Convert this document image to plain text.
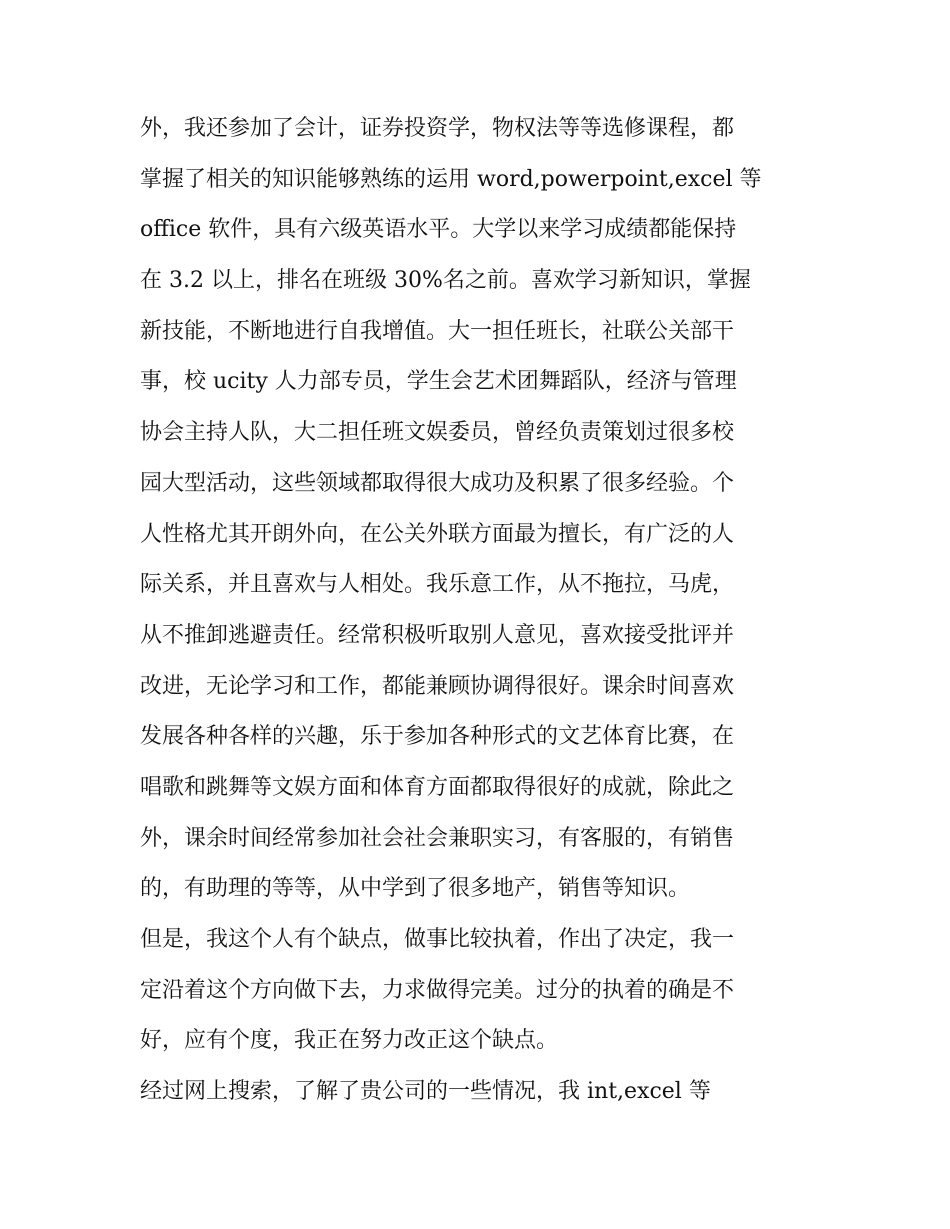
外，我还参加了会计，证券投资学，物权法等等选修课程，都
掌握了相关的知识能够熟练的运用 word,powerpoint,excel 等
office 软件，具有六级英语水平。大学以来学习成绩都能保持
在 3.2 以上，排名在班级 30%名之前。喜欢学习新知识，掌握
新技能，不断地进行自我增值。大一担任班长，社联公关部干
事，校 ucity 人力部专员，学生会艺术团舞蹈队，经济与管理
协会主持人队，大二担任班文娱委员，曾经负责策划过很多校
园大型活动，这些领域都取得很大成功及积累了很多经验。个
人性格尤其开朗外向，在公关外联方面最为擅长，有广泛的人
际关系，并且喜欢与人相处。我乐意工作，从不拖拉，马虎，
从不推卸逃避责任。经常积极听取别人意见，喜欢接受批评并
改进，无论学习和工作，都能兼顾协调得很好。课余时间喜欢
发展各种各样的兴趣，乐于参加各种形式的文艺体育比赛，在
唱歌和跳舞等文娱方面和体育方面都取得很好的成就，除此之
外，课余时间经常参加社会社会兼职实习，有客服的，有销售
的，有助理的等等，从中学到了很多地产，销售等知识。
但是，我这个人有个缺点，做事比较执着，作出了决定，我一
定沿着这个方向做下去，力求做得完美。过分的执着的确是不
好，应有个度，我正在努力改正这个缺点。
经过网上搜索，了解了贵公司的一些情况，我 int,excel 等
